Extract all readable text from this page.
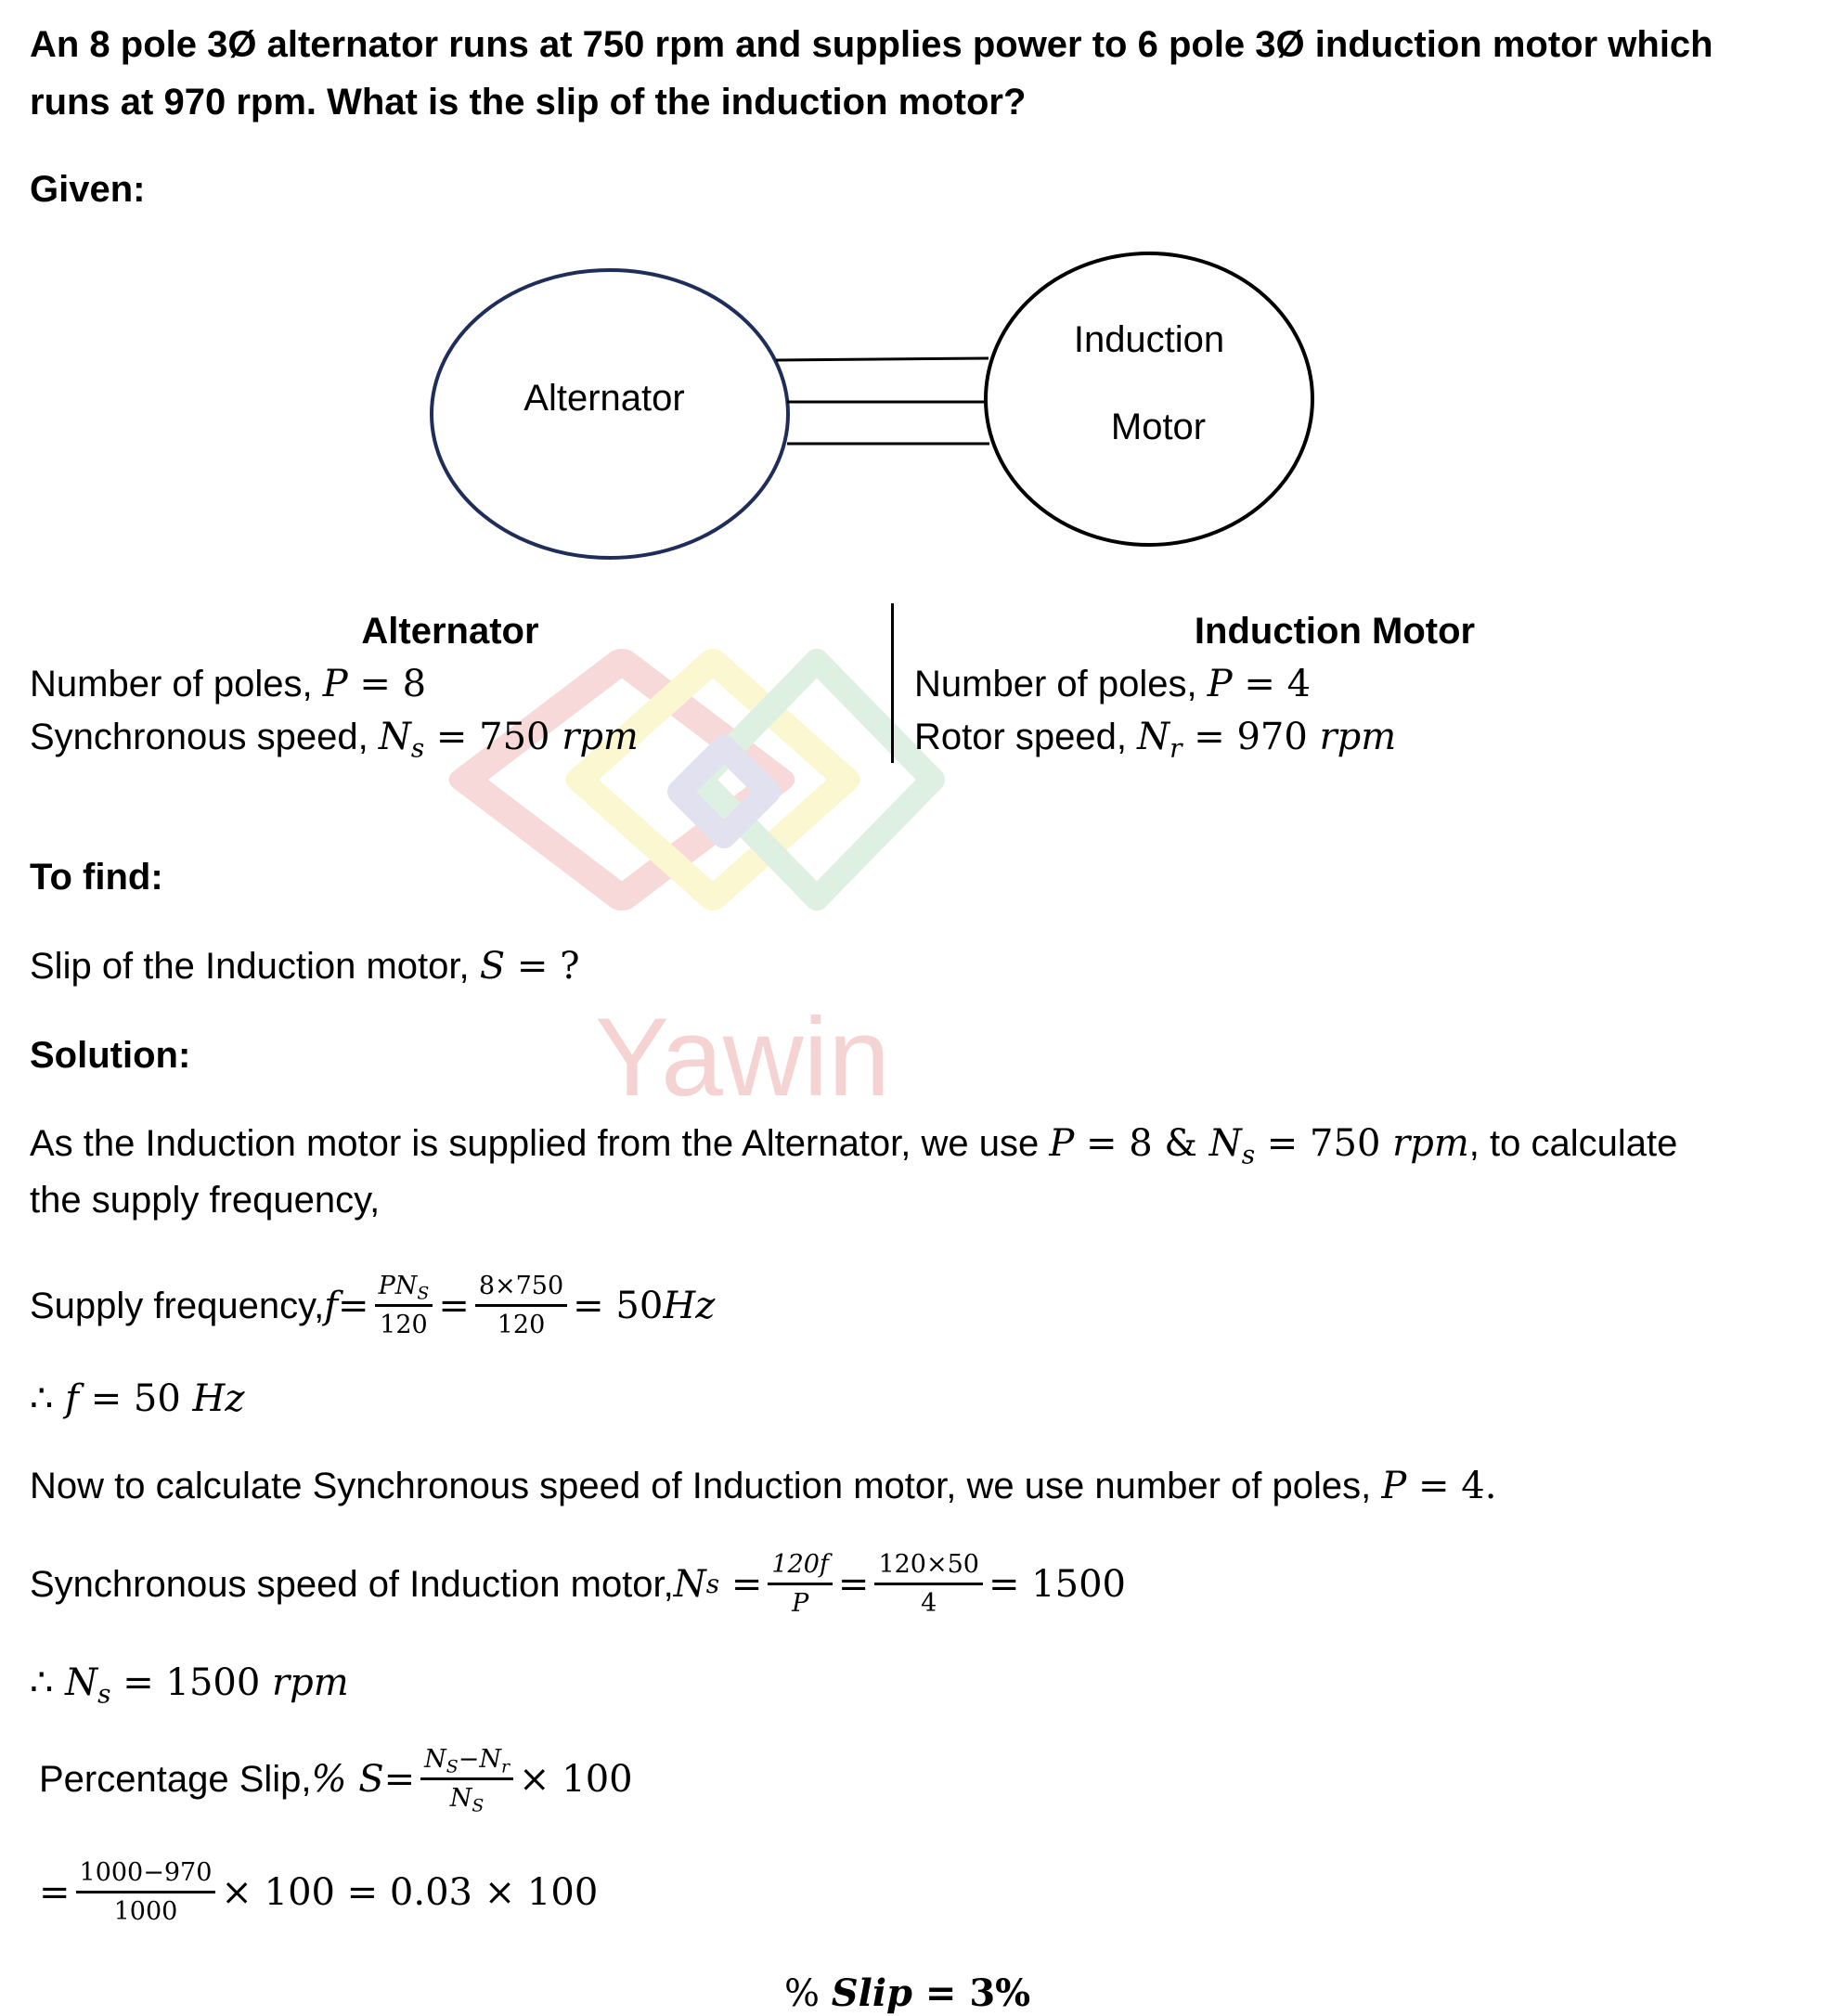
Yawin
An 8 pole 3Ø alternator runs at 750 rpm and supplies power to 6 pole 3Ø induction motor which
runs at 970 rpm. What is the slip of the induction motor?
Given:
Alternator
Induction
Motor
Alternator
Number of poles, P = 8
Synchronous speed, $N_s = 750$ rpm
Induction Motor
Number of poles, P = 4
Rotor speed, $N_r = 970$ rpm
To find:
Slip of the Induction motor, S = ?
Solution:
As the Induction motor is supplied from the Alternator, we use P = 8 & $N_s = 750$ rpm, to calculate
the supply frequency,
Supply frequency, $f = \frac{PN_S}{120} = \frac{8\times 750}{120} = 50$ Hz
∴ f = 50 Hz
Now to calculate Synchronous speed of Induction motor, we use number of poles, P = 4.
Synchronous speed of Induction motor, N $s = \frac{120f}{P} = \frac{120\times 50}{4} = 1500$
∴ $N_s = 1500$ rpm
Percentage Slip, % $S = \frac{N_S-N_r}{N_S} \times 100$
= $\frac{1000-970}{1000} \times 100 = 0.03 \times 100$
% Slip = 3%
